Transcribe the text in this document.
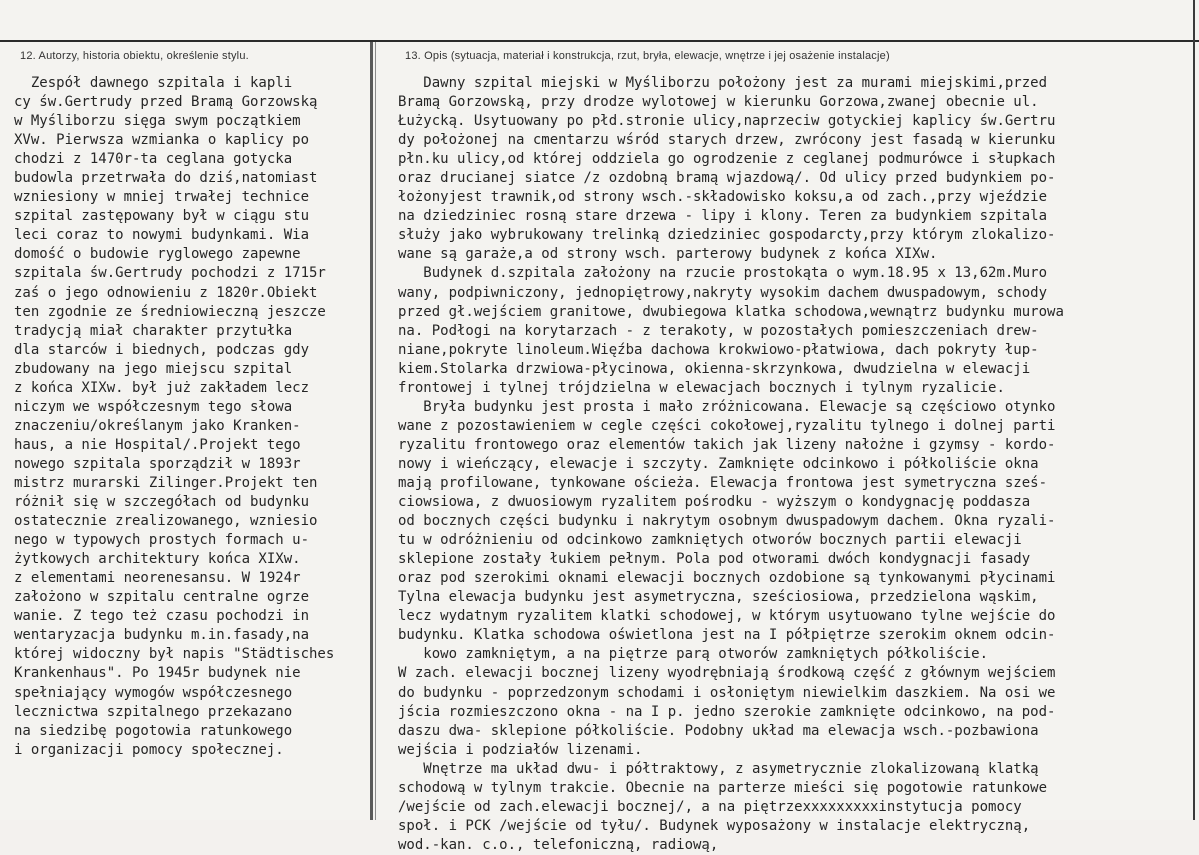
12. Autorzy, historia obiektu, określenie stylu.	13. Opis (sytuacja, materiał i konstrukcja, rzut, bryła, elewacje, wnętrze i jej osażenie instalacje)
Zespół dawnego szpitala i kapli
cy św.Gertrudy przed Bramą Gorzowską
w Myśliborzu sięga swym początkiem
XVw. Pierwsza wzmianka o kaplicy po
chodzi z 1470r-ta ceglana gotycka
budowla przetrwała do dziś,natomiast
wzniesiony w mniej trwałej technice
szpital zastępowany był w ciągu stu
leci coraz to nowymi budynkami. Wia
domość o budowie ryglowego zapewne
szpitala św.Gertrudy pochodzi z 1715r
zaś o jego odnowieniu z 1820r.Obiekt
ten zgodnie ze średniowieczną jeszcze
tradycją miał charakter przytułka
dla starców i biednych, podczas gdy
zbudowany na jego miejscu szpital
z końca XIXw. był już zakładem lecz
niczym we współczesnym tego słowa
znaczeniu/określanym jako Kranken-
haus, a nie Hospital/.Projekt tego
nowego szpitala sporządził w 1893r
mistrz murarski Zilinger.Projekt ten
różnił się w szczegółach od budynku
ostatecznie zrealizowanego, wzniesio
nego w typowych prostych formach u-
żytkowych architektury końca XIXw.
z elementami neorenesansu. W 1924r
założono w szpitalu centralne ogrze
wanie. Z tego też czasu pochodzi in
wentaryzacja budynku m.in.fasady,na
której widoczny był napis "Städtisches
Krankenhaus". Po 1945r budynek nie
spełniający wymogów współczesnego
lecznictwa szpitalnego przekazano
na siedzibę pogotowia ratunkowego
i organizacji pomocy społecznej.
Dawny szpital miejski w Myśliborzu położony jest za murami miejskimi,przed
Bramą Gorzowską, przy drodze wylotowej w kierunku Gorzowa,zwanej obecnie ul.
Łużycką. Usytuowany po płd.stronie ulicy,naprzeciw gotyckiej kaplicy św.Gertru
dy położonej na cmentarzu wśród starych drzew, zwrócony jest fasadą w kierunku
płn.ku ulicy,od której oddziela go ogrodzenie z ceglanej podmurówce i słupkach
oraz drucianej siatce /z ozdobną bramą wjazdową/. Od ulicy przed budynkiem po-
łożonyjest trawnik,od strony wsch.-składowisko koksu,a od zach.,przy wjeździe
na dziedziniec rosną stare drzewa - lipy i klony. Teren za budynkiem szpitala
służy jako wybrukowany trelinką dziedziniec gospodarcty,przy którym zlokalizo-
wane są garaże,a od strony wsch. parterowy budynek z końca XIXw.
Budynek d.szpitala założony na rzucie prostokąta o wym.18.95 x 13,62m.Muro
wany, podpiwniczony, jednopiętrowy,nakryty wysokim dachem dwuspadowym, schody
przed gł.wejściem granitowe, dwubiegowa klatka schodowa,wewnątrz budynku murowa
na. Podłogi na korytarzach - z terakoty, w pozostałych pomieszczeniach drew-
niane,pokryte linoleum.Więźba dachowa krokwiowo-płatwiowa, dach pokryty łup-
kiem.Stolarka drzwiowa-płycinowa, okienna-skrzynkowa, dwudzielna w elewacji
frontowej i tylnej trójdzielna w elewacjach bocznych i tylnym ryzalicie.
Bryła budynku jest prosta i mało zróżnicowana. Elewacje są częściowo otynko
wane z pozostawieniem w cegle części cokołowej,ryzalitu tylnego i dolnej parti
ryzalitu frontowego oraz elementów takich jak lizeny nałożne i gzymsy - kordo-
nowy i wieńczący, elewacje i szczyty. Zamknięte odcinkowo i półkoliście okna
mają profilowane, tynkowane ościeża. Elewacja frontowa jest symetryczna sześ-
ciowsiowa, z dwuosiowym ryzalitem pośrodku - wyższym o kondygnację poddasza
od bocznych części budynku i nakrytym osobnym dwuspadowym dachem. Okna ryzali-
tu w odróżnieniu od odcinkowo zamkniętych otworów bocznych partii elewacji
sklepione zostały łukiem pełnym. Pola pod otworami dwóch kondygnacji fasady
oraz pod szerokimi oknami elewacji bocznych ozdobione są tynkowanymi płycinami
Tylna elewacja budynku jest asymetryczna, sześciosiowa, przedzielona wąskim,
lecz wydatnym ryzalitem klatki schodowej, w którym usytuowano tylne wejście do
budynku. Klatka schodowa oświetlona jest na I półpiętrze szerokim oknem odcin-
kowo zamkniętym, a na piętrze parą otworów zamkniętych półkoliście.
W zach. elewacji bocznej lizeny wyodrębniają środkową część z głównym wejściem
do budynku - poprzedzonym schodami i osłoniętym niewielkim daszkiem. Na osi we
jścia rozmieszczono okna - na I p. jedno szerokie zamknięte odcinkowo, na pod-
daszu dwa- sklepione półkoliście. Podobny układ ma elewacja wsch.-pozbawiona
wejścia i podziałów lizenami.
Wnętrze ma układ dwu- i półtraktowy, z asymetrycznie zlokalizowaną klatką
schodową w tylnym trakcie. Obecnie na parterze mieści się pogotowie ratunkowe
/wejście od zach.elewacji bocznej/, a na piętrzexxxxxxxxxinstytucja pomocy
społ. i PCK /wejście od tyłu/. Budynek wyposażony w instalacje elektryczną,
wod.-kan. c.o., telefoniczną, radiową,
